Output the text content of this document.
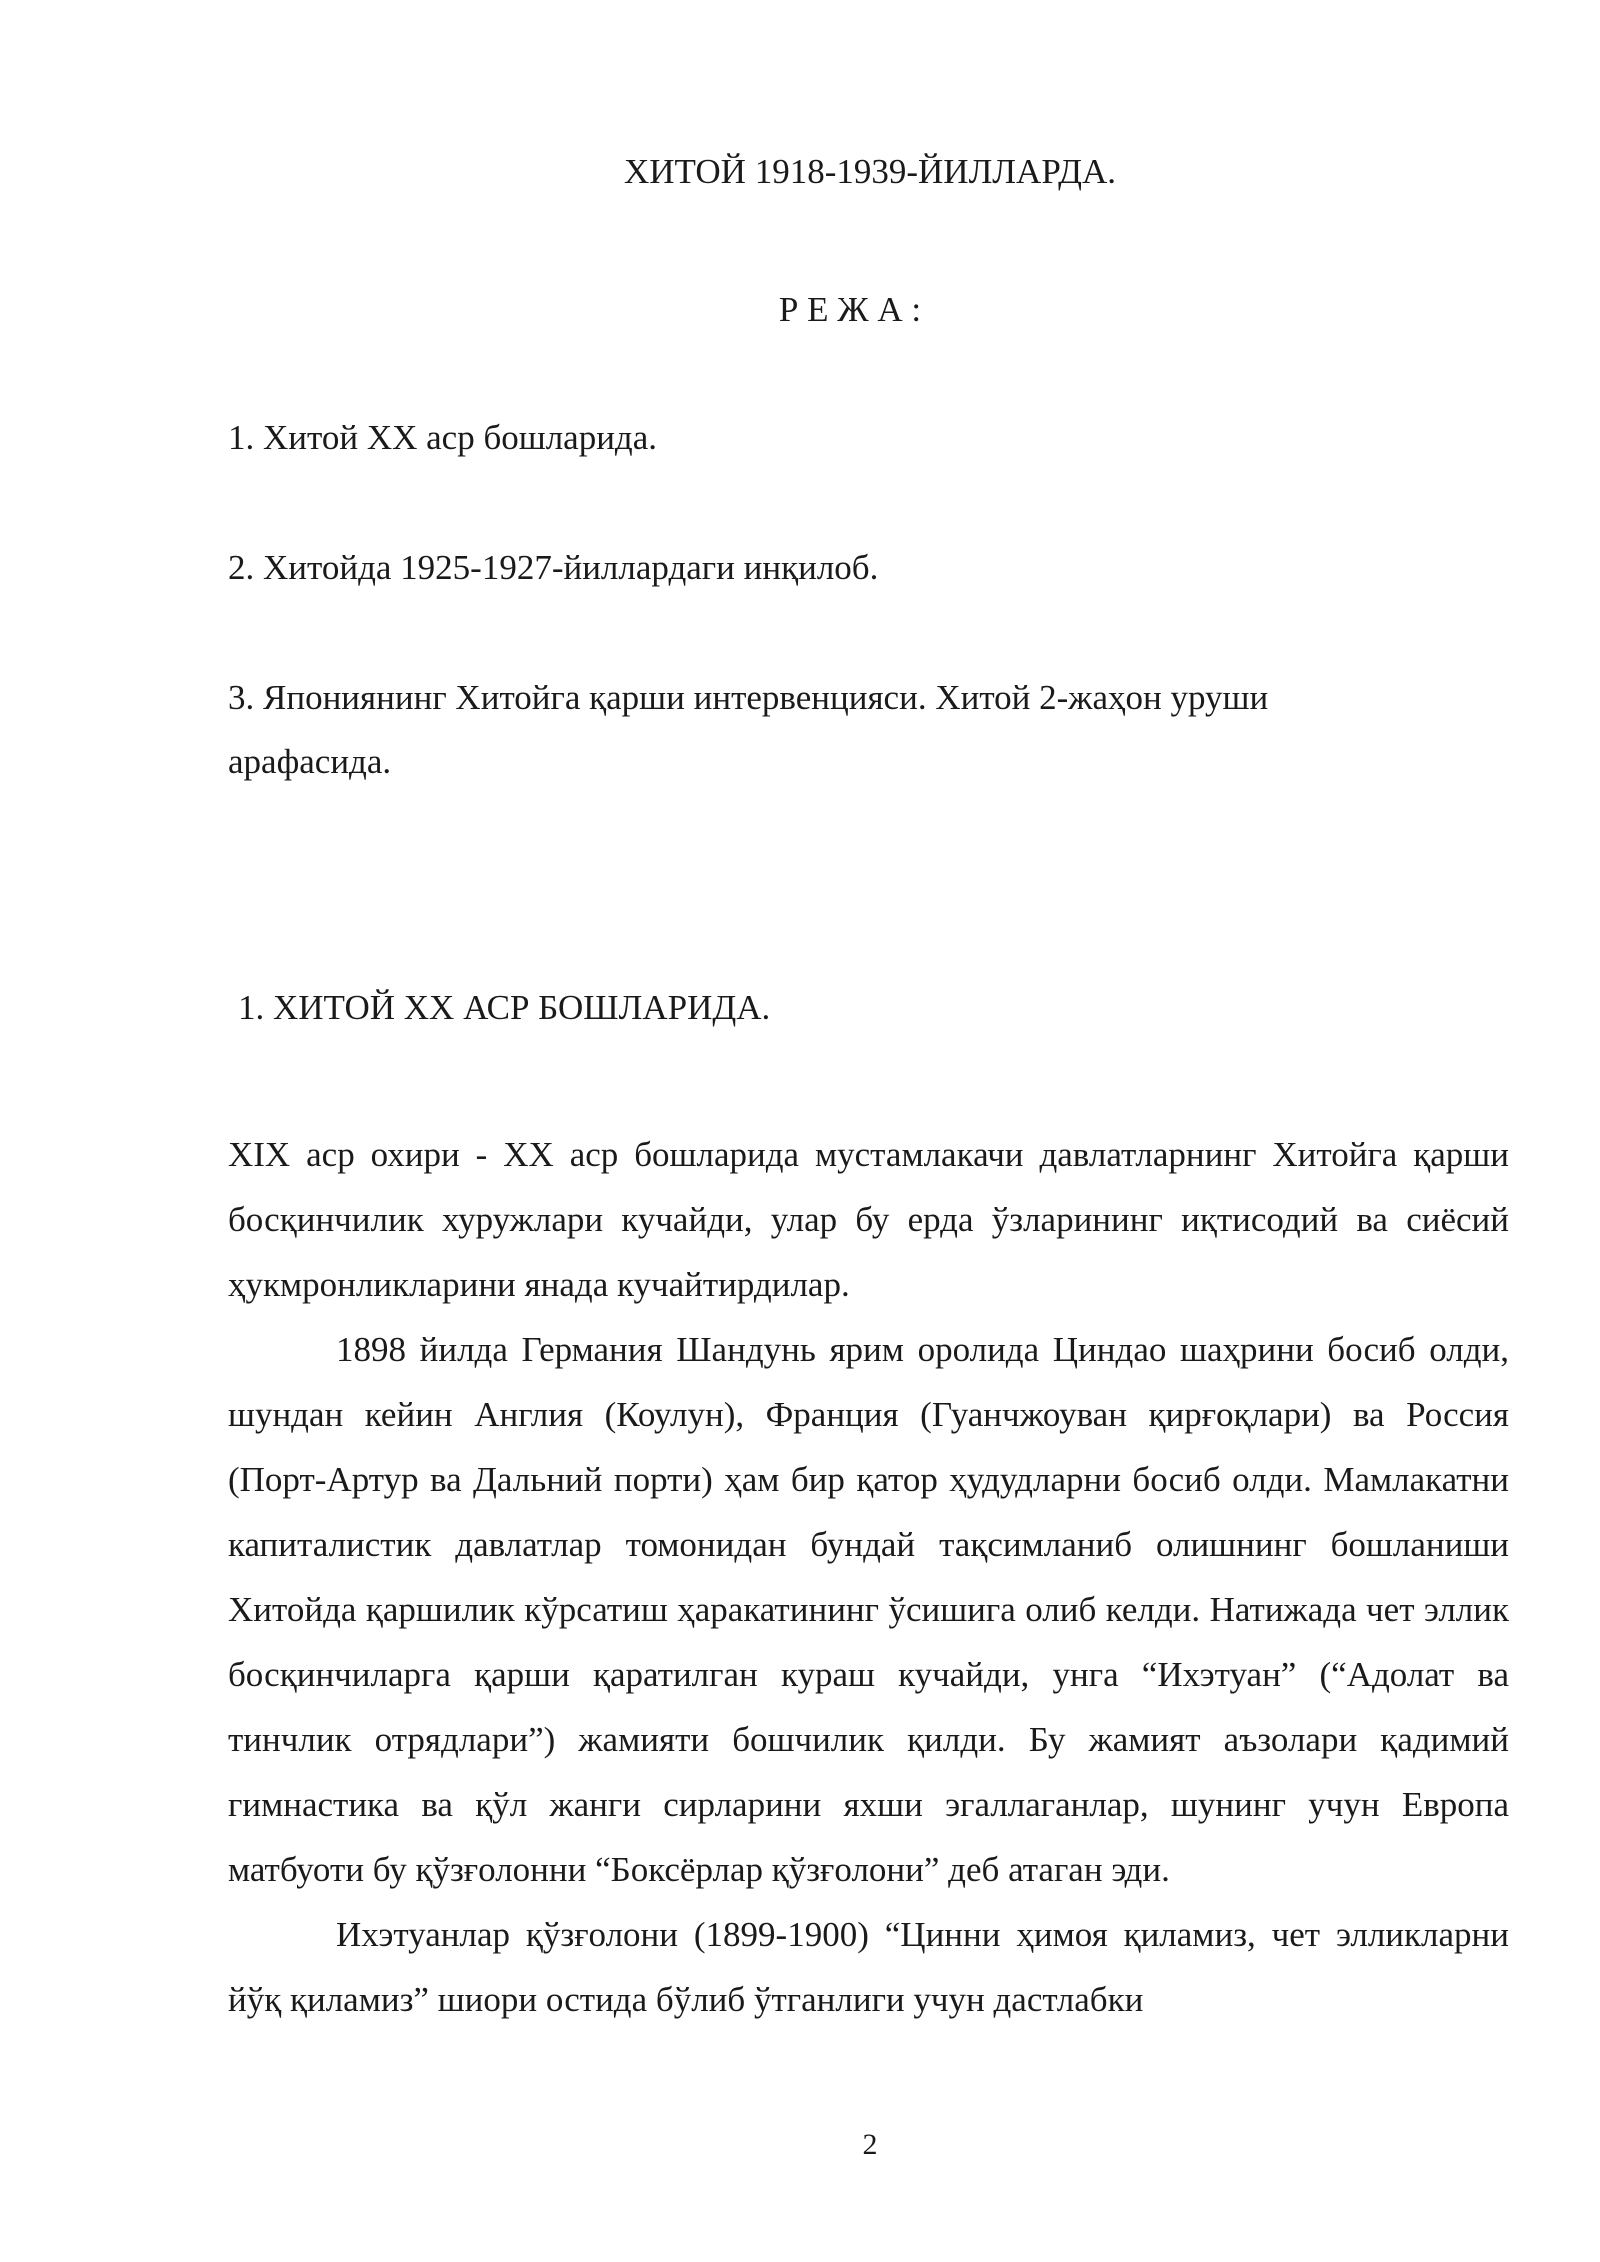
ХИТОЙ 1918-1939-ЙИЛЛАРДА.
Р Е Ж А :

1. Хитой XX аср бошларида.

2. Хитойда 1925-1927-йиллардаги инқилоб.

3. Япониянинг Хитойга қарши интервенцияси. Хитой 2-жаҳон уруши арафасида.

1. ХИТОЙ XX АСР БОШЛАРИДА.

XIX аср охири - XX аср бошларида мустамлакачи давлатларнинг Хитойга қарши босқинчилик хуружлари кучайди, улар бу ерда ўзларининг иқтисодий ва сиёсий ҳукмронликларини янада кучайтирдилар.

1898 йилда Германия Шандунь ярим оролида Циндао шаҳрини босиб олди, шундан кейин Англия (Коулун), Франция (Гуанчжоуван қирғоқлари) ва Россия (Порт-Артур ва Дальний порти) ҳам бир қатор ҳудудларни босиб олди. Мамлакатни капиталистик давлатлар томонидан бундай тақсимланиб олишнинг бошланиши Хитойда қаршилик кўрсатиш ҳаракатининг ўсишига олиб келди. Натижада чет эллик босқинчиларга қарши қаратилган кураш кучайди, унга “Ихэтуан” (“Адолат ва тинчлик отрядлари”) жамияти бошчилик қилди. Бу жамият аъзолари қадимий гимнастика ва қўл жанги сирларини яхши эгаллаганлар, шунинг учун Европа матбуоти бу қўзғолонни “Боксёрлар қўзғолони” деб атаган эди.

Ихэтуанлар қўзғолони (1899-1900) “Цинни ҳимоя қиламиз, чет элликларни йўқ қиламиз” шиори остида бўлиб ўтганлиги учун дастлабки

2
